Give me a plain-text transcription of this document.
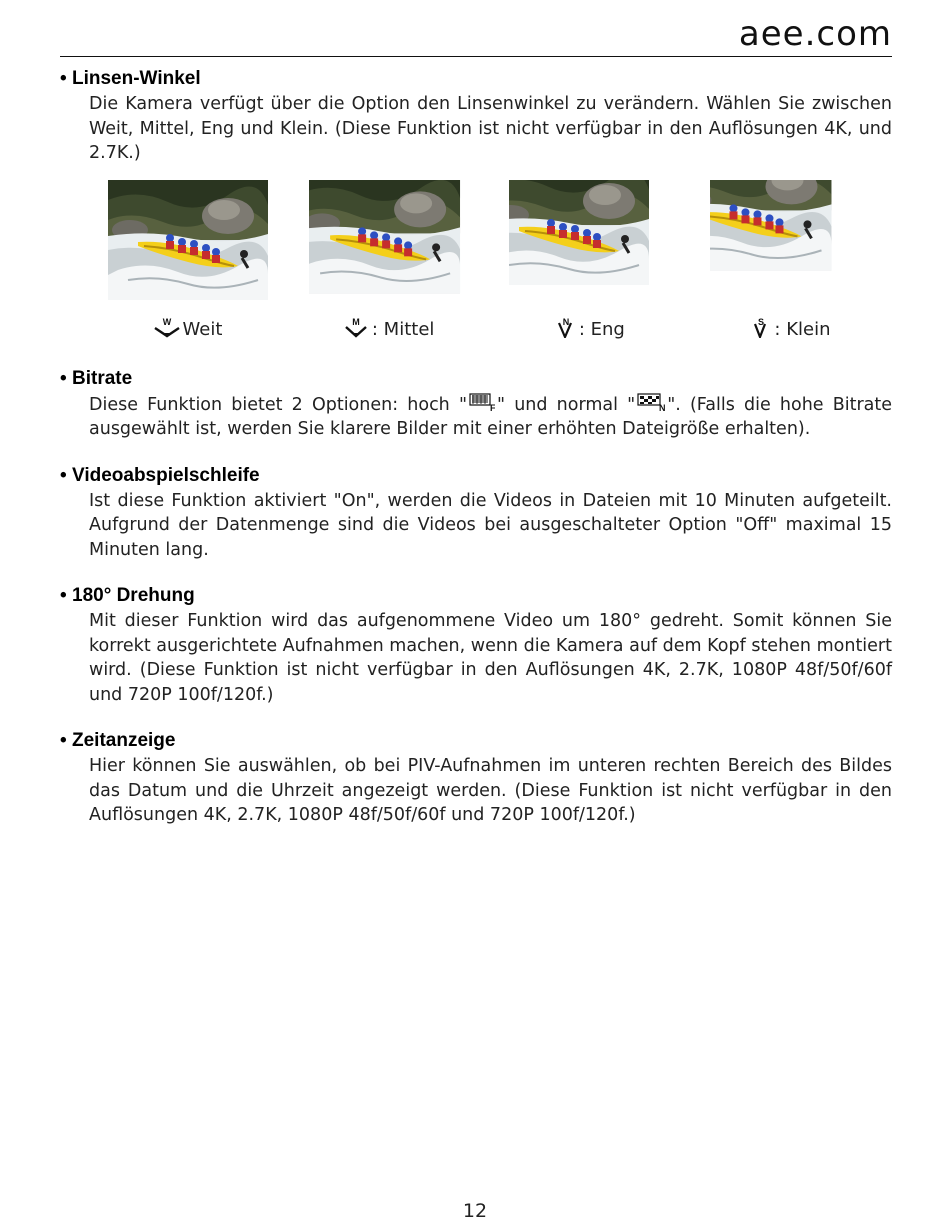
aee.com
• Linsen-Winkel
Die Kamera verfügt über die Option den Linsenwinkel zu verändern. Wählen Sie zwischen Weit, Mittel, Eng und Klein. (Diese Funktion ist nicht verfügbar in den Auflösungen 4K, und 2.7K.)
W Weit	M : Mittel	N : Eng	S : Klein
• Bitrate
Diese Funktion bietet 2 Optionen: hoch "	F " und normal "	N ". (Falls die hohe Bitrate ausgewählt ist, werden Sie klarere Bilder mit einer erhöhten Dateigröße erhalten).
• Videoabspielschleife
Ist diese Funktion aktiviert "On", werden die Videos in Dateien mit 10 Minuten aufgeteilt. Aufgrund der Datenmenge sind die Videos bei ausgeschalteter Option "Off" maximal 15 Minuten lang.
• 180° Drehung
Mit dieser Funktion wird das aufgenommene Video um 180° gedreht. Somit können Sie korrekt ausgerichtete Aufnahmen machen, wenn die Kamera auf dem Kopf stehen montiert wird. (Diese Funktion ist nicht verfügbar in den Auflösungen 4K, 2.7K, 1080P 48f/50f/60f und 720P 100f/120f.)
• Zeitanzeige
Hier können Sie auswählen, ob bei PIV-Aufnahmen im unteren rechten Bereich des Bildes das Datum und die Uhrzeit angezeigt werden. (Diese Funktion ist nicht verfügbar in den Auflösungen 4K, 2.7K, 1080P 48f/50f/60f und 720P 100f/120f.)
12
